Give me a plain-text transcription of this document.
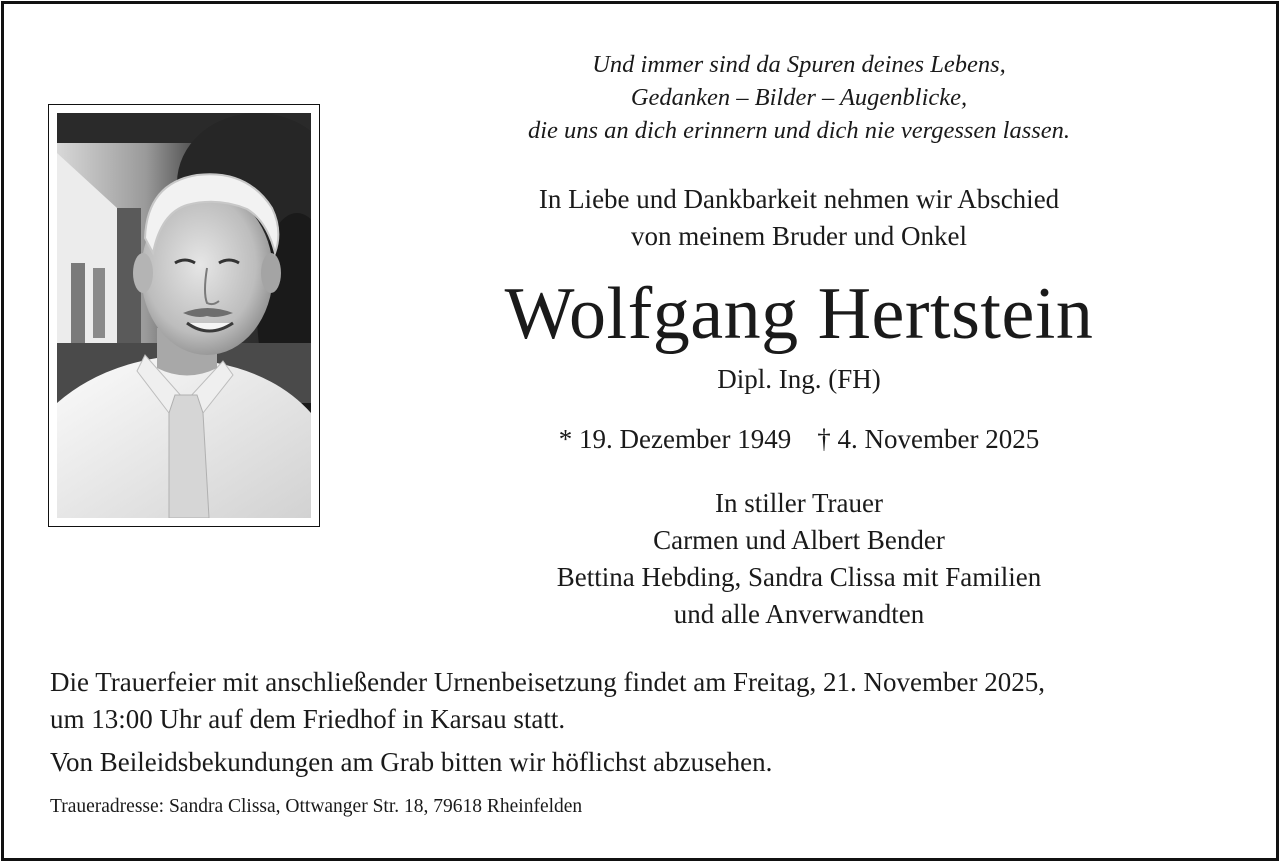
Und immer sind da Spuren deines Lebens,
Gedanken – Bilder – Augenblicke,
die uns an dich erinnern und dich nie vergessen lassen.
In Liebe und Dankbarkeit nehmen wir Abschied
von meinem Bruder und Onkel
Wolfgang Hertstein
Dipl. Ing. (FH)
* 19. Dezember 1949 † 4. November 2025
In stiller Trauer
Carmen und Albert Bender
Bettina Hebding, Sandra Clissa mit Familien
und alle Anverwandten
Die Trauerfeier mit anschließender Urnenbeisetzung findet am Freitag, 21. November 2025,
um 13:00 Uhr auf dem Friedhof in Karsau statt.
Von Beileidsbekundungen am Grab bitten wir höflichst abzusehen.
Traueradresse: Sandra Clissa, Ottwanger Str. 18, 79618 Rheinfelden
